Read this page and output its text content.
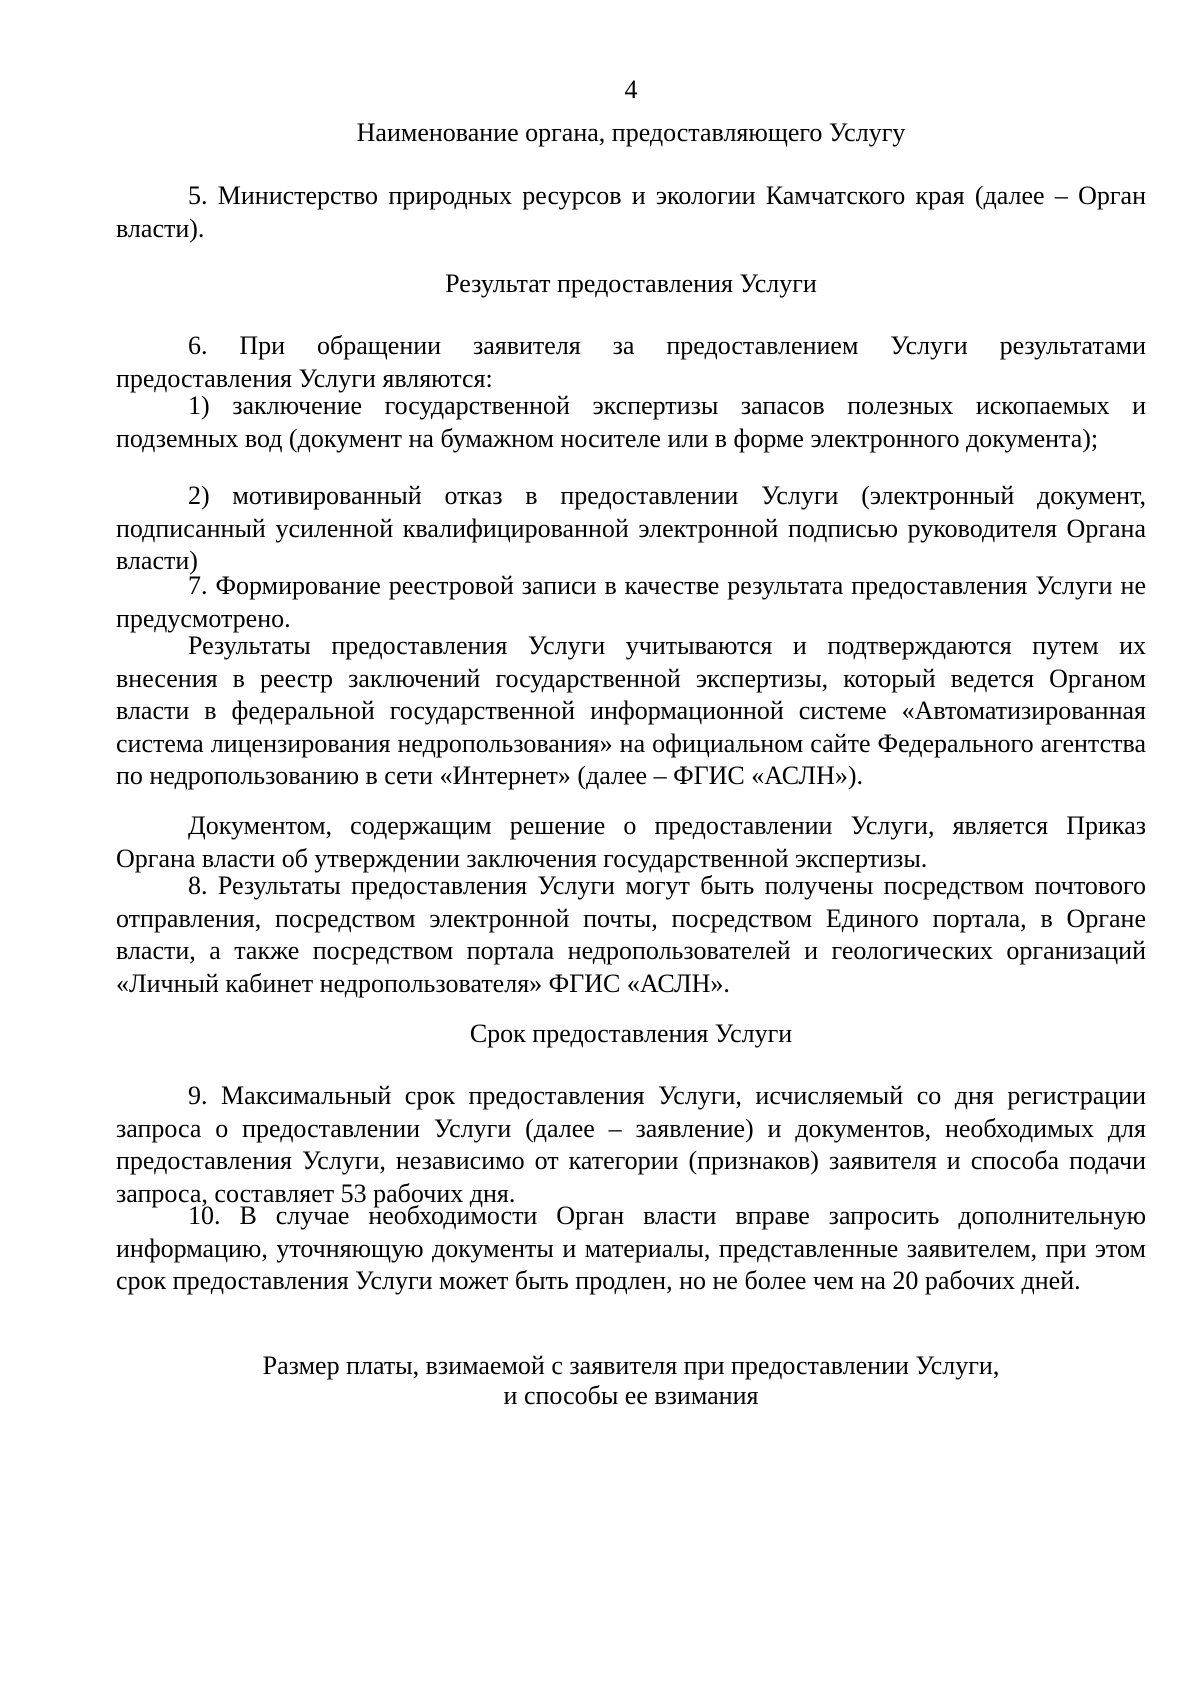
4
Наименование органа, предоставляющего Услугу

5. Министерство природных ресурсов и экологии Камчатского края (далее – Орган власти).

Результат предоставления Услуги

6. При обращении заявителя за предоставлением Услуги результатами предоставления Услуги являются:

1) заключение государственной экспертизы запасов полезных ископаемых и подземных вод (документ на бумажном носителе или в форме электронного документа);

2) мотивированный отказ в предоставлении Услуги (электронный документ, подписанный усиленной квалифицированной электронной подписью руководителя Органа власти)

7. Формирование реестровой записи в качестве результата предоставления Услуги не предусмотрено.

Результаты предоставления Услуги учитываются и подтверждаются путем их внесения в реестр заключений государственной экспертизы, который ведется Органом власти в федеральной государственной информационной системе «Автоматизированная система лицензирования недропользования» на официальном сайте Федерального агентства по недропользованию в сети «Интернет» (далее – ФГИС «АСЛН»).

Документом, содержащим решение о предоставлении Услуги, является Приказ Органа власти об утверждении заключения государственной экспертизы.

8. Результаты предоставления Услуги могут быть получены посредством почтового отправления, посредством электронной почты, посредством Единого портала, в Органе власти, а также посредством портала недропользователей и геологических организаций «Личный кабинет недропользователя» ФГИС «АСЛН».

Срок предоставления Услуги

9. Максимальный срок предоставления Услуги, исчисляемый со дня регистрации запроса о предоставлении Услуги (далее – заявление) и документов, необходимых для предоставления Услуги, независимо от категории (признаков) заявителя и способа подачи запроса, составляет 53 рабочих дня.

10. В случае необходимости Орган власти вправе запросить дополнительную информацию, уточняющую документы и материалы, представленные заявителем, при этом срок предоставления Услуги может быть продлен, но не более чем на 20 рабочих дней.

Размер платы, взимаемой с заявителя при предоставлении Услуги,
и способы ее взимания
